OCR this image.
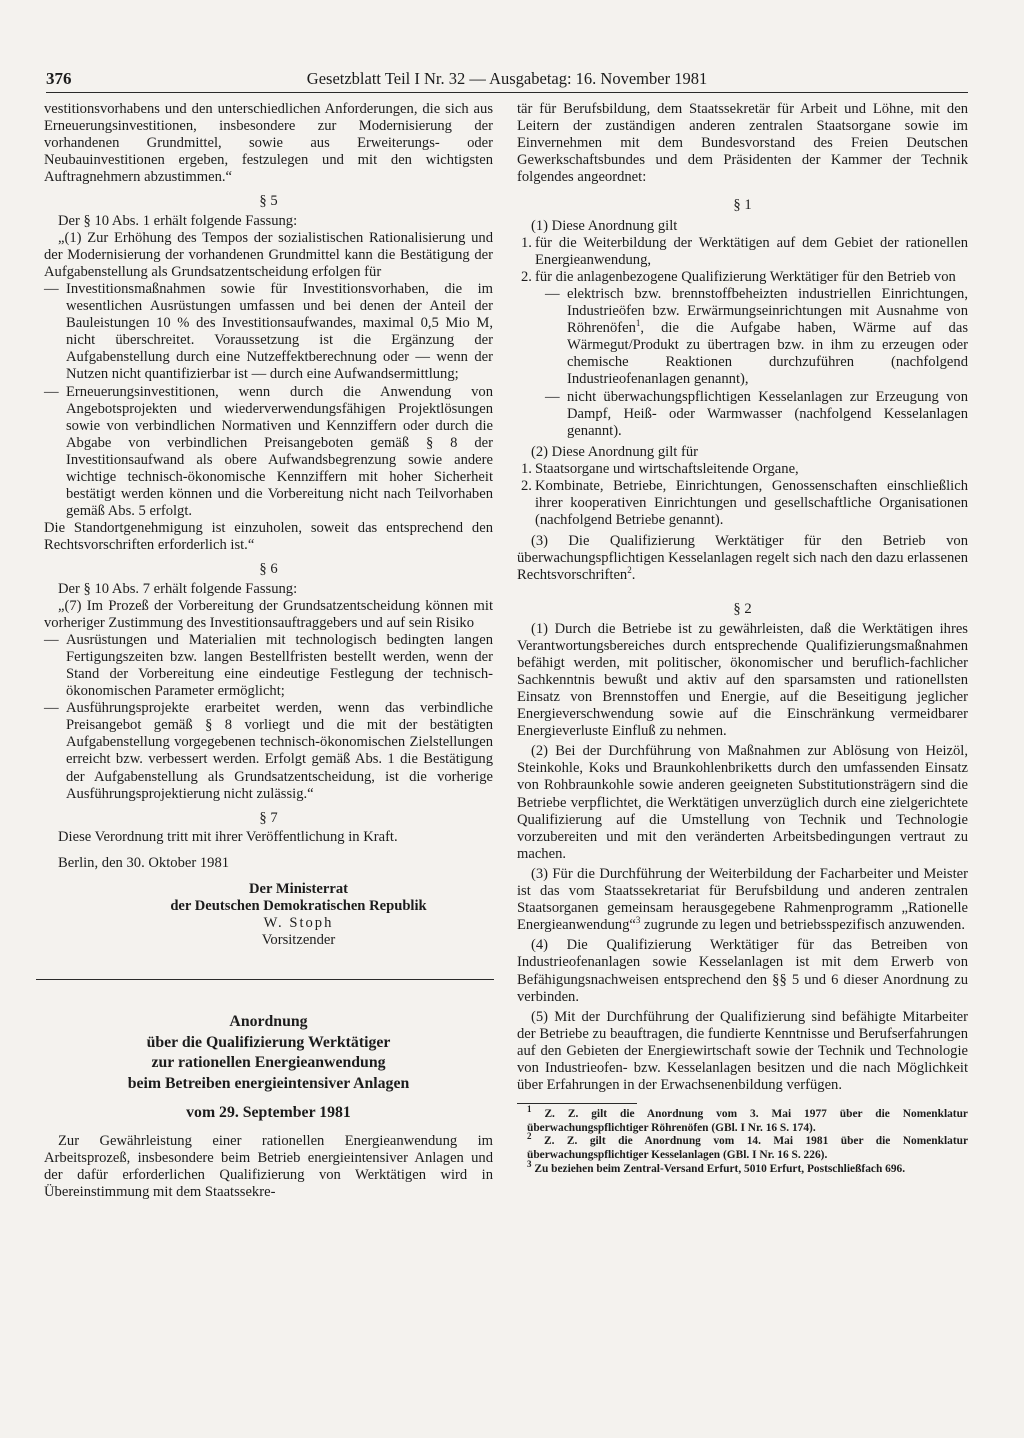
376	Gesetzblatt Teil I Nr. 32 — Ausgabetag: 16. November 1981

vestitionsvorhabens und den unterschiedlichen Anforderungen, die sich aus Erneuerungsinvestitionen, insbesondere zur Modernisierung der vorhandenen Grundmittel, sowie aus Erweiterungs- oder Neubauinvestitionen ergeben, festzulegen und mit den wichtigsten Auftragnehmern abzustimmen.“

§ 5

Der § 10 Abs. 1 erhält folgende Fassung:

„(1) Zur Erhöhung des Tempos der sozialistischen Rationalisierung und der Modernisierung der vorhandenen Grundmittel kann die Bestätigung der Aufgabenstellung als Grundsatzentscheidung erfolgen für

— Investitionsmaßnahmen sowie für Investitionsvorhaben, die im wesentlichen Ausrüstungen umfassen und bei denen der Anteil der Bauleistungen 10 % des Investitionsaufwandes, maximal 0,5 Mio M, nicht überschreitet. Voraussetzung ist die Ergänzung der Aufgabenstellung durch eine Nutzeffektberechnung oder — wenn der Nutzen nicht quantifizierbar ist — durch eine Aufwandsermittlung;
— Erneuerungsinvestitionen, wenn durch die Anwendung von Angebotsprojekten und wiederverwendungsfähigen Projektlösungen sowie von verbindlichen Normativen und Kennziffern oder durch die Abgabe von verbindlichen Preisangeboten gemäß § 8 der Investitionsaufwand als obere Aufwandsbegrenzung sowie andere wichtige technisch-ökonomische Kennziffern mit hoher Sicherheit bestätigt werden können und die Vorbereitung nicht nach Teilvorhaben gemäß Abs. 5 erfolgt.

Die Standortgenehmigung ist einzuholen, soweit das entsprechend den Rechtsvorschriften erforderlich ist.“

§ 6

Der § 10 Abs. 7 erhält folgende Fassung:

„(7) Im Prozeß der Vorbereitung der Grundsatzentscheidung können mit vorheriger Zustimmung des Investitionsauftraggebers und auf sein Risiko

— Ausrüstungen und Materialien mit technologisch bedingten langen Fertigungszeiten bzw. langen Bestellfristen bestellt werden, wenn der Stand der Vorbereitung eine eindeutige Festlegung der technisch-ökonomischen Parameter ermöglicht;
— Ausführungsprojekte erarbeitet werden, wenn das verbindliche Preisangebot gemäß § 8 vorliegt und die mit der bestätigten Aufgabenstellung vorgegebenen technisch-ökonomischen Zielstellungen erreicht bzw. verbessert werden. Erfolgt gemäß Abs. 1 die Bestätigung der Aufgabenstellung als Grundsatzentscheidung, ist die vorherige Ausführungsprojektierung nicht zulässig.“
§ 7

Diese Verordnung tritt mit ihrer Veröffentlichung in Kraft.

Berlin, den 30. Oktober 1981

Der Ministerrat
der Deutschen Demokratischen Republik
W. Stoph
Vorsitzender
Anordnung
über die Qualifizierung Werktätiger
zur rationellen Energieanwendung
beim Betreiben energieintensiver Anlagen
vom 29. September 1981

Zur Gewährleistung einer rationellen Energieanwendung im Arbeitsprozeß, insbesondere beim Betrieb energieintensiver Anlagen und der dafür erforderlichen Qualifizierung von Werktätigen wird in Übereinstimmung mit dem Staatssekre-

tär für Berufsbildung, dem Staatssekretär für Arbeit und Löhne, mit den Leitern der zuständigen anderen zentralen Staatsorgane sowie im Einvernehmen mit dem Bundesvorstand des Freien Deutschen Gewerkschaftsbundes und dem Präsidenten der Kammer der Technik folgendes angeordnet:

§ 1

(1) Diese Anordnung gilt

1. für die Weiterbildung der Werktätigen auf dem Gebiet der rationellen Energieanwendung,
2. für die anlagenbezogene Qualifizierung Werktätiger für den Betrieb von
— elektrisch bzw. brennstoffbeheizten industriellen Einrichtungen, Industrieöfen bzw. Erwärmungseinrichtungen mit Ausnahme von Röhrenöfen$^1$, die die Aufgabe haben, Wärme auf das Wärmegut/Produkt zu übertragen bzw. in ihm zu erzeugen oder chemische Reaktionen durchzuführen (nachfolgend Industrieofenanlagen genannt),
— nicht überwachungspflichtigen Kesselanlagen zur Erzeugung von Dampf, Heiß- oder Warmwasser (nachfolgend Kesselanlagen genannt).

(2) Diese Anordnung gilt für

1. Staatsorgane und wirtschaftsleitende Organe,
2. Kombinate, Betriebe, Einrichtungen, Genossenschaften einschließlich ihrer kooperativen Einrichtungen und gesellschaftliche Organisationen (nachfolgend Betriebe genannt).

(3) Die Qualifizierung Werktätiger für den Betrieb von überwachungspflichtigen Kesselanlagen regelt sich nach den dazu erlassenen Rechtsvorschriften$^2$.

§ 2

(1) Durch die Betriebe ist zu gewährleisten, daß die Werktätigen ihres Verantwortungsbereiches durch entsprechende Qualifizierungsmaßnahmen befähigt werden, mit politischer, ökonomischer und beruflich-fachlicher Sachkenntnis bewußt und aktiv auf den sparsamsten und rationellsten Einsatz von Brennstoffen und Energie, auf die Beseitigung jeglicher Energieverschwendung sowie auf die Einschränkung vermeidbarer Energieverluste Einfluß zu nehmen.

(2) Bei der Durchführung von Maßnahmen zur Ablösung von Heizöl, Steinkohle, Koks und Braunkohlenbriketts durch den umfassenden Einsatz von Rohbraunkohle sowie anderen geeigneten Substitutionsträgern sind die Betriebe verpflichtet, die Werktätigen unverzüglich durch eine zielgerichtete Qualifizierung auf die Umstellung von Technik und Technologie vorzubereiten und mit den veränderten Arbeitsbedingungen vertraut zu machen.

(3) Für die Durchführung der Weiterbildung der Facharbeiter und Meister ist das vom Staatssekretariat für Berufsbildung und anderen zentralen Staatsorganen gemeinsam herausgegebene Rahmenprogramm „Rationelle Energieanwendung“$^3$ zugrunde zu legen und betriebsspezifisch anzuwenden.

(4) Die Qualifizierung Werktätiger für das Betreiben von Industrieofenanlagen sowie Kesselanlagen ist mit dem Erwerb von Befähigungsnachweisen entsprechend den §§ 5 und 6 dieser Anordnung zu verbinden.

(5) Mit der Durchführung der Qualifizierung sind befähigte Mitarbeiter der Betriebe zu beauftragen, die fundierte Kenntnisse und Berufserfahrungen auf den Gebieten der Energiewirtschaft sowie der Technik und Technologie von Industrieofen- bzw. Kesselanlagen besitzen und die nach Möglichkeit über Erfahrungen in der Erwachsenenbildung verfügen.

$^1$ Z. Z. gilt die Anordnung vom 3. Mai 1977 über die Nomenklatur überwachungspflichtiger Röhrenöfen (GBl. I Nr. 16 S. 174).

$^2$ Z. Z. gilt die Anordnung vom 14. Mai 1981 über die Nomenklatur überwachungspflichtiger Kesselanlagen (GBl. I Nr. 16 S. 226).

$^3$ Zu beziehen beim Zentral-Versand Erfurt, 5010 Erfurt, Postschließfach 696.
